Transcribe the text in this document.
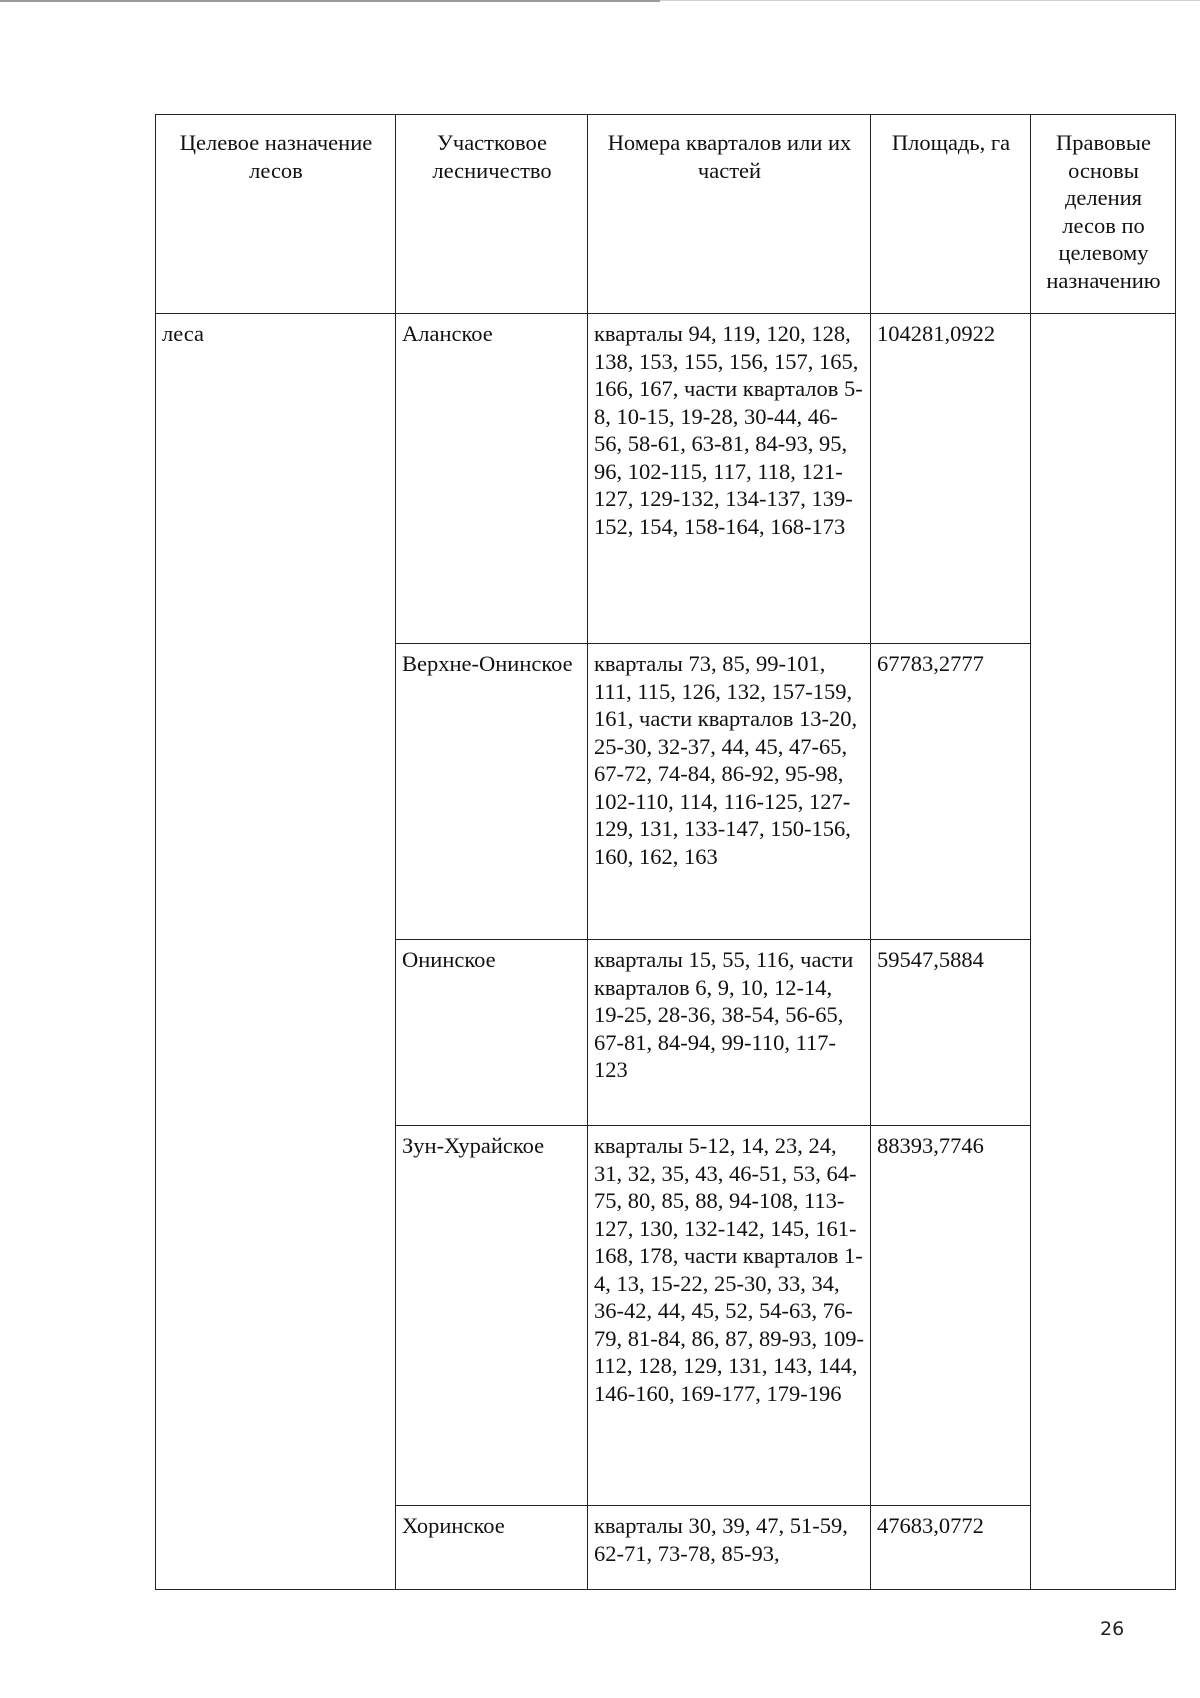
Целевое назначение лесов	Участковое лесничество	Номера кварталов или их частей	Площадь, га	Правовые основы деления лесов по целевому назначению
леса	Аланское	кварталы 94, 119, 120, 128, 138, 153, 155, 156, 157, 165, 166, 167, части кварталов 5-8, 10-15, 19-28, 30-44, 46-56, 58-61, 63-81, 84-93, 95, 96, 102-115, 117, 118, 121-127, 129-132, 134-137, 139-152, 154, 158-164, 168-173	104281,0922	
	Верхне-Онинское	кварталы 73, 85, 99-101, 111, 115, 126, 132, 157-159, 161, части кварталов 13-20, 25-30, 32-37, 44, 45, 47-65, 67-72, 74-84, 86-92, 95-98, 102-110, 114, 116-125, 127-129, 131, 133-147, 150-156, 160, 162, 163	67783,2777	
	Онинское	кварталы 15, 55, 116, части кварталов 6, 9, 10, 12-14, 19-25, 28-36, 38-54, 56-65, 67-81, 84-94, 99-110, 117-123	59547,5884	
	Зун-Хурайское	кварталы 5-12, 14, 23, 24, 31, 32, 35, 43, 46-51, 53, 64-75, 80, 85, 88, 94-108, 113-127, 130, 132-142, 145, 161-168, 178, части кварталов 1-4, 13, 15-22, 25-30, 33, 34, 36-42, 44, 45, 52, 54-63, 76-79, 81-84, 86, 87, 89-93, 109-112, 128, 129, 131, 143, 144, 146-160, 169-177, 179-196	88393,7746	
	Хоринское	кварталы 30, 39, 47, 51-59, 62-71, 73-78, 85-93,	47683,0772	
26
